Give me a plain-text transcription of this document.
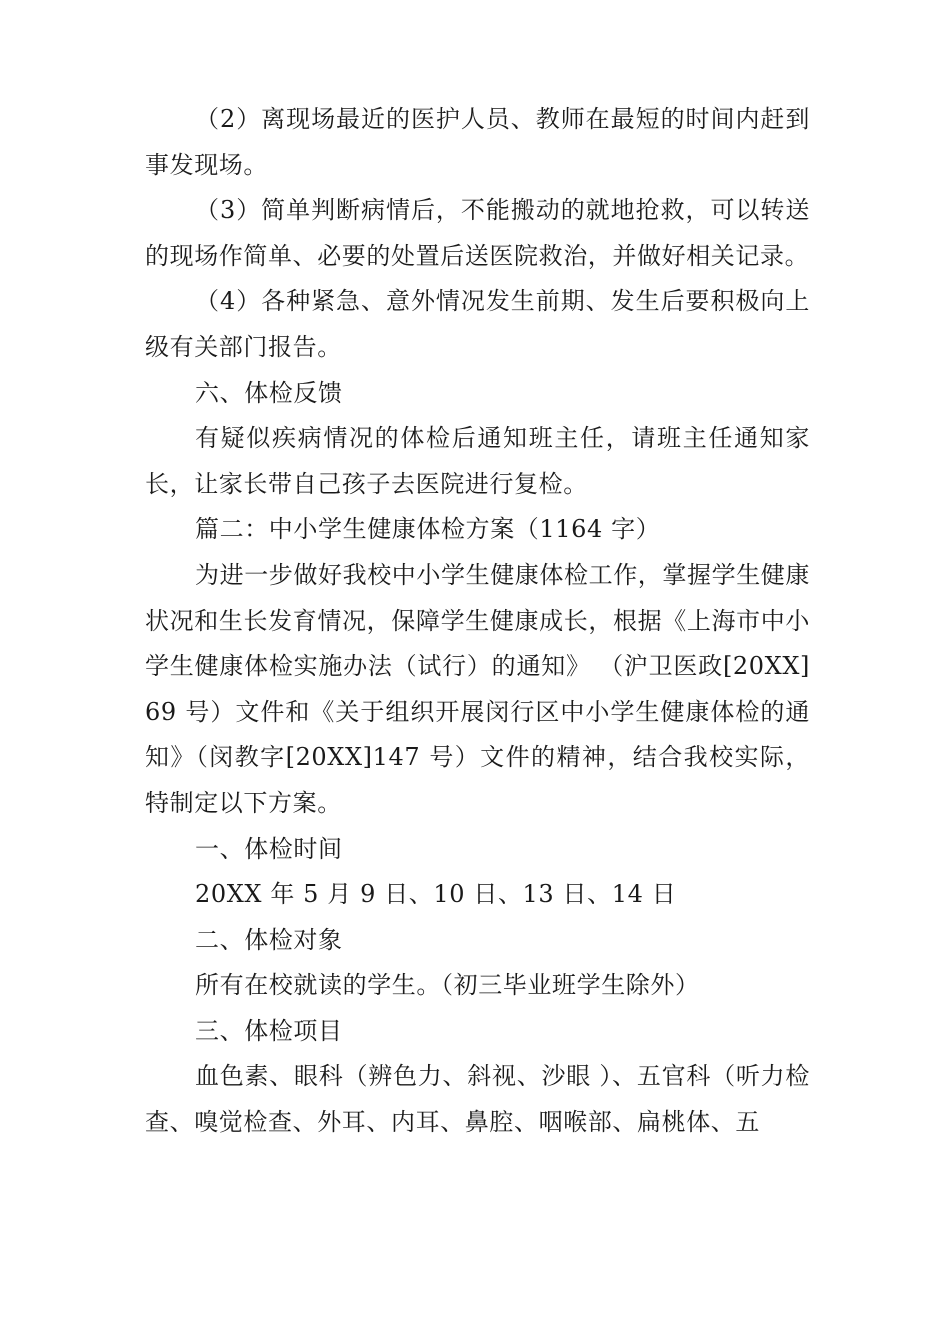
（2）离现场最近的医护人员、教师在最短的时间内赶到事发现场。

（3）简单判断病情后，不能搬动的就地抢救，可以转送的现场作简单、必要的处置后送医院救治，并做好相关记录。

（4）各种紧急、意外情况发生前期、发生后要积极向上级有关部门报告。

六、体检反馈

有疑似疾病情况的体检后通知班主任，请班主任通知家长，让家长带自己孩子去医院进行复检。

篇二：中小学生健康体检方案（1164 字）

为进一步做好我校中小学生健康体检工作，掌握学生健康状况和生长发育情况，保障学生健康成长，根据《上海市中小学生健康体检实施办法（试行）的通知》 （沪卫医政[20XX]69 号）文件和《关于组织开展闵行区中小学生健康体检的通知》（闵教字[20XX]147 号）文件的精神，结合我校实际，特制定以下方案。

一、体检时间

20XX 年 5 月 9 日、10 日、13 日、14 日

二、体检对象

所有在校就读的学生。（初三毕业班学生除外）

三、体检项目

血色素、眼科（辨色力、斜视、沙眼 ）、五官科（听力检查、嗅觉检查、外耳、内耳、鼻腔、咽喉部、扁桃体、五
